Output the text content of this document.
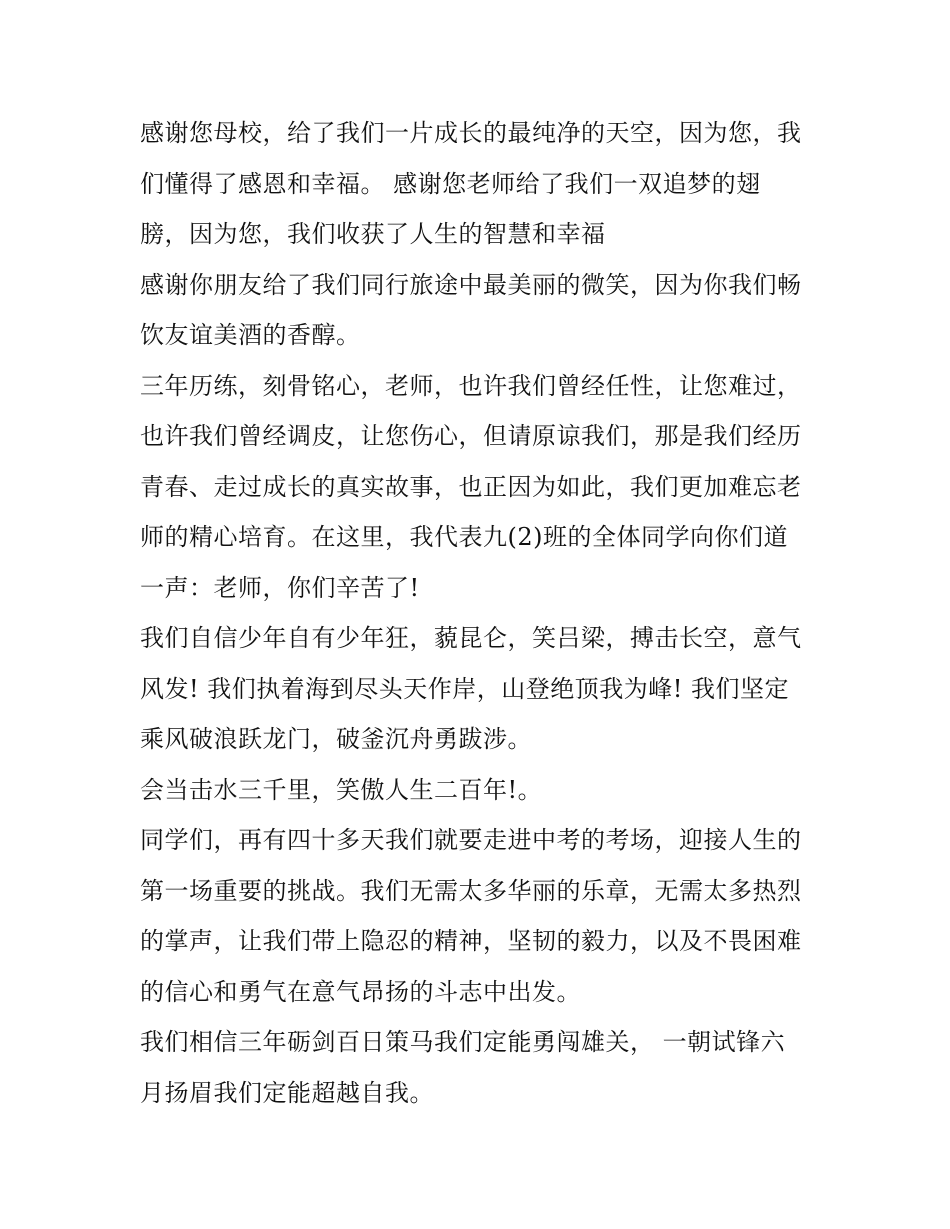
感谢您母校，给了我们一片成长的最纯净的天空，因为您，我
们懂得了感恩和幸福。 感谢您老师给了我们一双追梦的翅
膀，因为您，我们收获了人生的智慧和幸福
感谢你朋友给了我们同行旅途中最美丽的微笑，因为你我们畅
饮友谊美酒的香醇。
三年历练，刻骨铭心，老师，也许我们曾经任性，让您难过，
也许我们曾经调皮，让您伤心，但请原谅我们，那是我们经历
青春、走过成长的真实故事，也正因为如此，我们更加难忘老
师的精心培育。在这里，我代表九(2)班的全体同学向你们道
一声：老师，你们辛苦了!
我们自信少年自有少年狂，藐昆仑，笑吕梁，搏击长空，意气
风发! 我们执着海到尽头天作岸，山登绝顶我为峰! 我们坚定
乘风破浪跃龙门，破釜沉舟勇跋涉。
会当击水三千里，笑傲人生二百年!。
同学们，再有四十多天我们就要走进中考的考场，迎接人生的
第一场重要的挑战。我们无需太多华丽的乐章，无需太多热烈
的掌声，让我们带上隐忍的精神，坚韧的毅力，以及不畏困难
的信心和勇气在意气昂扬的斗志中出发。
我们相信三年砺剑百日策马我们定能勇闯雄关， 一朝试锋六
月扬眉我们定能超越自我。
